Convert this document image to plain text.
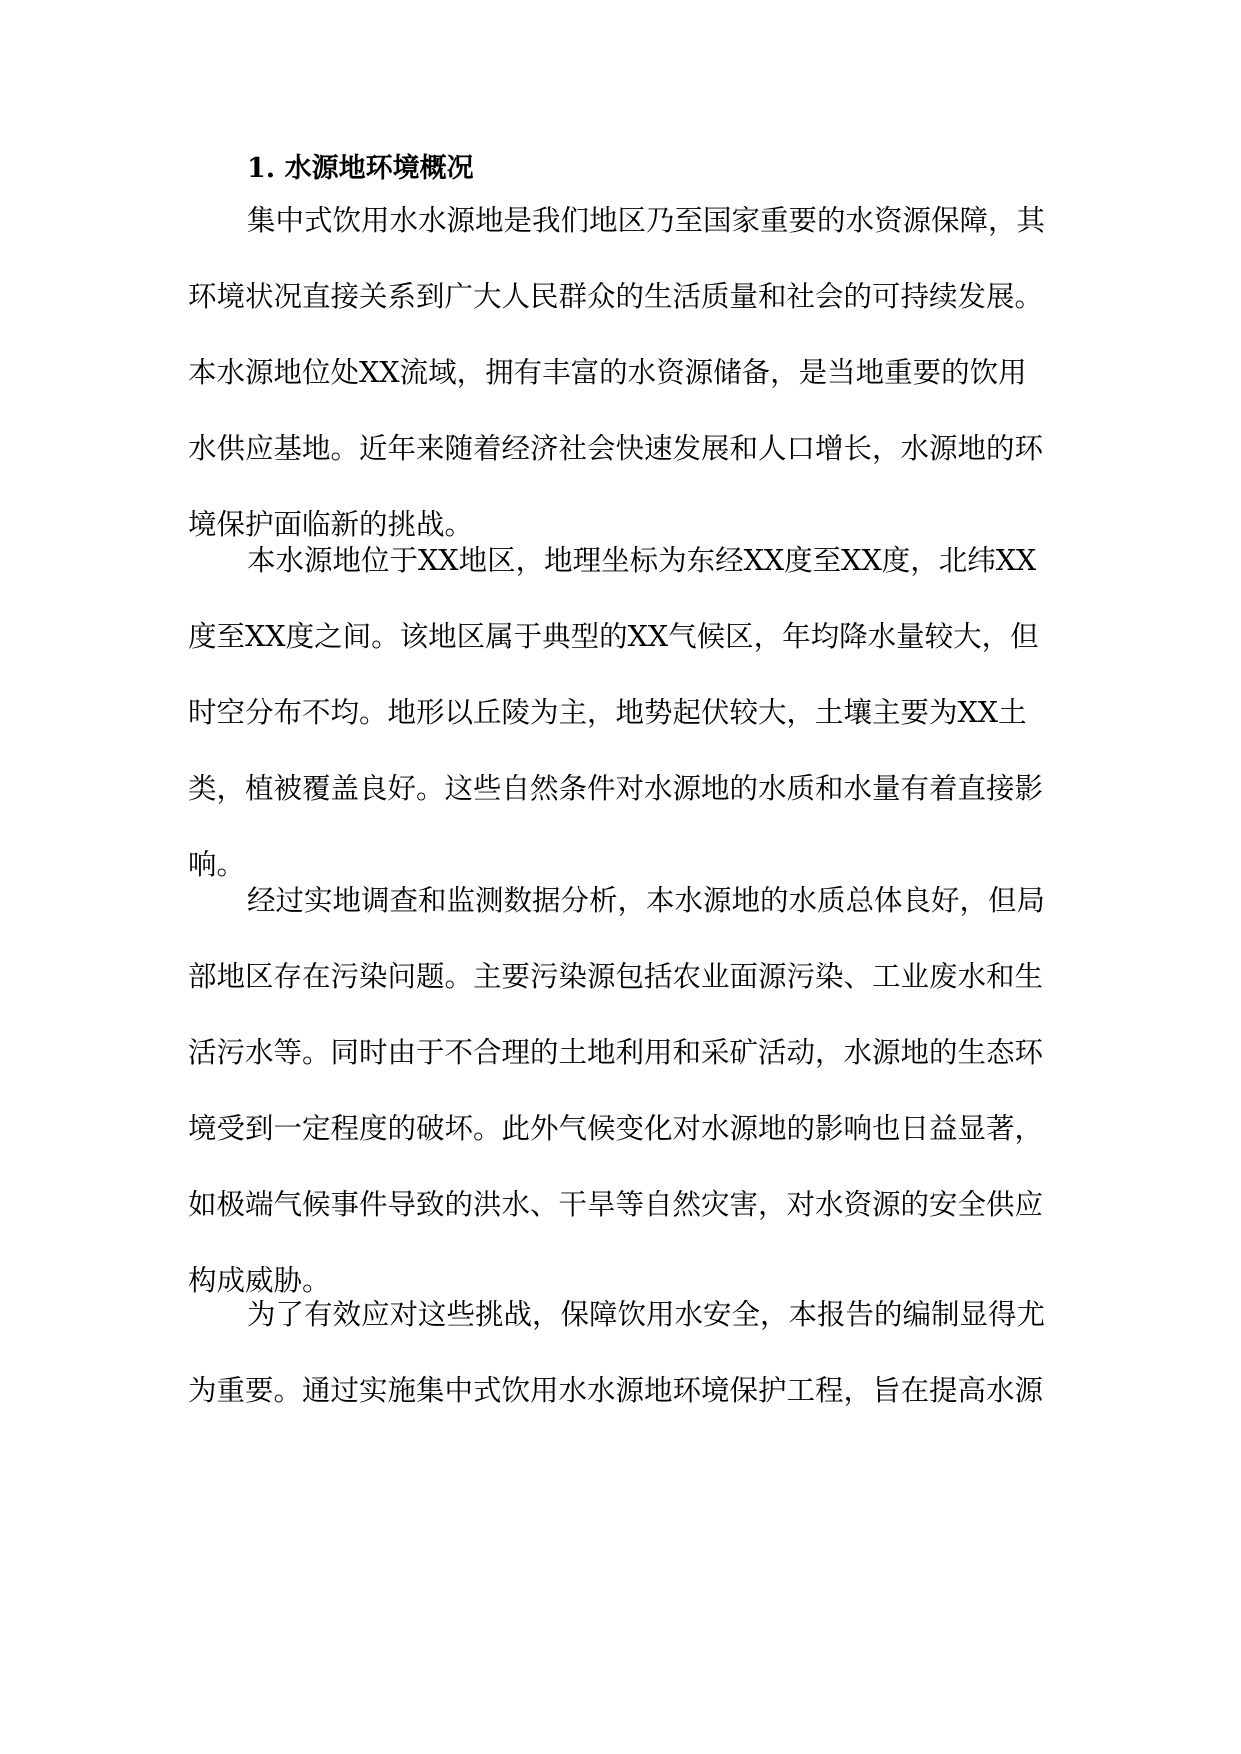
1. 水源地环境概况
集中式饮用水水源地是我们地区乃至国家重要的水资源保障，其
环境状况直接关系到广大人民群众的生活质量和社会的可持续发展。
本水源地位处XX流域，拥有丰富的水资源储备，是当地重要的饮用
水供应基地。近年来随着经济社会快速发展和人口增长，水源地的环
境保护面临新的挑战。
本水源地位于XX地区，地理坐标为东经XX度至XX度，北纬XX
度至XX度之间。该地区属于典型的XX气候区，年均降水量较大，但
时空分布不均。地形以丘陵为主，地势起伏较大，土壤主要为XX土
类，植被覆盖良好。这些自然条件对水源地的水质和水量有着直接影
响。
经过实地调查和监测数据分析，本水源地的水质总体良好，但局
部地区存在污染问题。主要污染源包括农业面源污染、工业废水和生
活污水等。同时由于不合理的土地利用和采矿活动，水源地的生态环
境受到一定程度的破坏。此外气候变化对水源地的影响也日益显著，
如极端气候事件导致的洪水、干旱等自然灾害，对水资源的安全供应
构成威胁。
为了有效应对这些挑战，保障饮用水安全，本报告的编制显得尤
为重要。通过实施集中式饮用水水源地环境保护工程，旨在提高水源
